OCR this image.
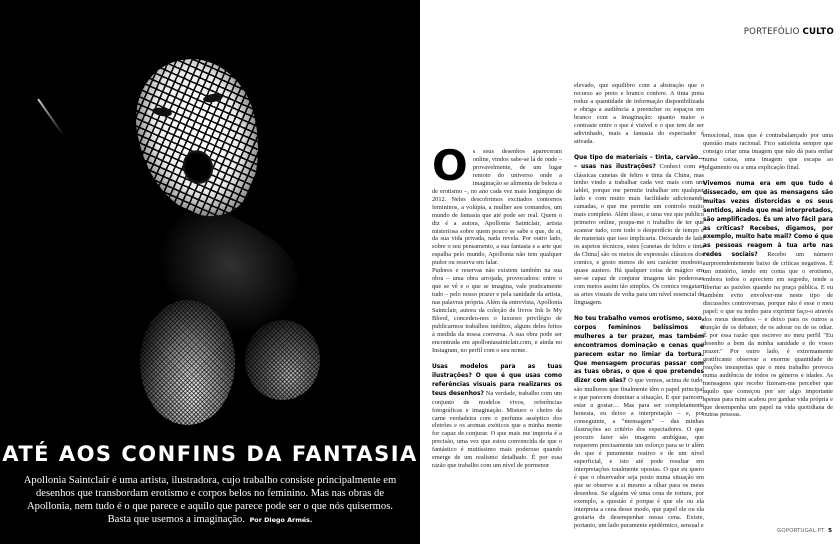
ATÉ AOS CONFINS DA FANTASIA

Apollonia Saintclair é uma artista, ilustradora, cujo trabalho consiste principalmente em desenhos que transbordam erotismo e corpos belos no feminino. Mas nas obras de Apollonia, nem tudo é o que parece e aquilo que parece pode ser o que nós quisermos. Basta que usemos a imaginação. Por Diego Armés.

PORTEFÓLIO CULTO
Os seus desenhos apareceram online, vindos sabe-se lá de onde – provavelmente, de um lugar remoto do universo onde a imaginação se alimenta de beleza e de erotismo –, no ano cada vez mais longínquo de 2012. Neles descobrimos excitados contornos femininos, a volúpia, a mulher aos comandos, um mundo de fantasia que até pode ser real. Quem o diz é a autora, Apollonia Saintclair, artista misteriosa sobre quem pouco se sabe e que, de si, da sua vida privada, nada revela. Por outro lado, sobre o seu pensamento, a sua fantasia e a arte que espalha pelo mundo, Apollonia não tem qualquer pudor ou reserva em falar.

Pudores e reservas não existem também na sua obra – uma obra arrojada, provocadora: entre o que se vê e o que se imagina, vale praticamente tudo – pelo nosso prazer e pela sanidade da artista, nas palavras própria. Além da entrevista, Apollonia Saintclair, autora da coleção de livros Ink Is My Blood, concedeu-nos o luxuoso privilégio de publicarmos trabalhos inéditos, alguns deles feitos à medida da nossa conversa. A sua obra pode ser encontrada em apolloniasaintclair.com, e ainda no Instagram, no perfil com o seu nome.

Usas modelos para as tuas ilustrações? O que é que usas como referências visuais para realizares os teus desenhos? Na verdade, trabalho com um conjunto de modelos vivos, referências fotográficas e imaginação. Misturo o cheiro da carne verdadeira com o perfume asséptico dos eletrões e os aromas exóticos que a minha mente for capaz de conjurar. O que mais me importa é a precisão, uma vez que estou convencida de que o fantástico é muitíssimo mais poderoso quando emerge de um realismo detalhado. É por essa razão que trabalho com um nível de pormenor

elevado, que equilibro com a abstração que o recurso ao preto e branco confere. A tinta preta reduz a quantidade de informação disponibilizada e obriga a audiência a preencher os espaços em branco com a imaginação: quanto maior o contraste entre o que é visível e o que tem de ser adivinhado, mais a fantasia do espectador é ativada.

Que tipo de materiais – tinta, carvão… – usas nas ilustrações? Conheci com as clássicas canetas de feltro e tinta da China, mas tenho vindo a trabalhar cada vez mais com um tablet, porque me permite trabalhar em qualquer lado e com muito mais facilidade adicionando camadas, o que me permite um controlo muito mais completo. Além disso, e uma vez que publico primeiro online, poupa-me o trabalho de ter que scanear tudo, com todo o desperdício de tempo e de materiais que isso implicaria. Deixando de lado os aspetos técnicos, estes [canetas de feltro e tinta da China] são os meios de expressão clássicos dos comics, e gosto menos do seu carácter modesto, quase austero. Há qualquer coisa de mágico em ser-se capaz de conjurar imagens tão poderosas com meios assim tão simples. Os comics resgatam as artes visuais de volta para um nível essencial de linguagem.

No teu trabalho vemos erotismo, sexo, corpos femininos belíssimos e mulheres a ter prazer, mas também encontramos dominação e cenas que parecem estar no limiar da tortura. Que mensagem procuras passar com as tuas obras, o que é que pretendes dizer com elas? O que vemos, acima de tudo, são mulheres que finalmente têm o papel principal e que parecem dominar a situação. E que parecem estar a gostar… Mas para ser completamente honesta, eu deixo a interpretação – e, por conseguinte, a "mensagem" – das minhas ilustrações ao critério dos espectadores. O que procuro fazer são imagens ambíguas, que requerem precisamente um esforço para se ir além do que é puramente reativo e de um nível superficial, e isto até pode resultar em interpretações totalmente opostas. O que eu quero é que o observador seja posto numa situação em que se observe a si mesmo a olhar para os meus desenhos. Se alguém vê uma cena de tortura, por exemplo, a questão é porque é que ele ou ela interpreta a cena desse modo, que papel ele ou ela gostaria de desempenhar nessa cena. Existe, portanto, um lado puramente epidérmico, sensual e

emocional, mas que é contrabalançado por uma questão mais racional. Fico satisfeita sempre que consigo criar uma imagem que não dá para enfiar numa caixa, uma imagem que escapa ao julgamento ou a uma explicação final.

Vivemos numa era em que tudo é dissecado, em que as mensagens são muitas vezes distorcidas e os seus sentidos, ainda que mal interpretados, são amplificados. És um alvo fácil para as críticas? Recebes, digamos, por exemplo, muito hate mail? Como é que as pessoas reagem à tua arte nas redes sociais? Recebo um número surpreendentemente baixo de críticas negativas. É um mistério, tendo em conta que o erotismo, embora todos o apreciem em segredo, tende a libertar as paixões quando na praça pública. E eu também evito envolver-me neste tipo de discussões controversas, porque não é esse o meu papel: o que eu tenho para exprimir faço-o através dos meus desenhos – e deixo para os outros a função de os debater, de os adorar ou de os odiar. É por essa razão que escrevo no meu perfil "Eu desenho a bem da minha sanidade e do vosso prazer." Por outro lado, é extremamente gratificante observar a enorme quantidade de reações insuspeitas que o meu trabalho provoca numa audiência de todos os géneros e idades. As mensagens que recebo fizeram-me perceber que aquilo que começou por ser algo importante apenas para mim acabou por ganhar vida própria e que desempenha um papel na vida quotidiana de outras pessoas.

GQPORTUGAL.PT 5
